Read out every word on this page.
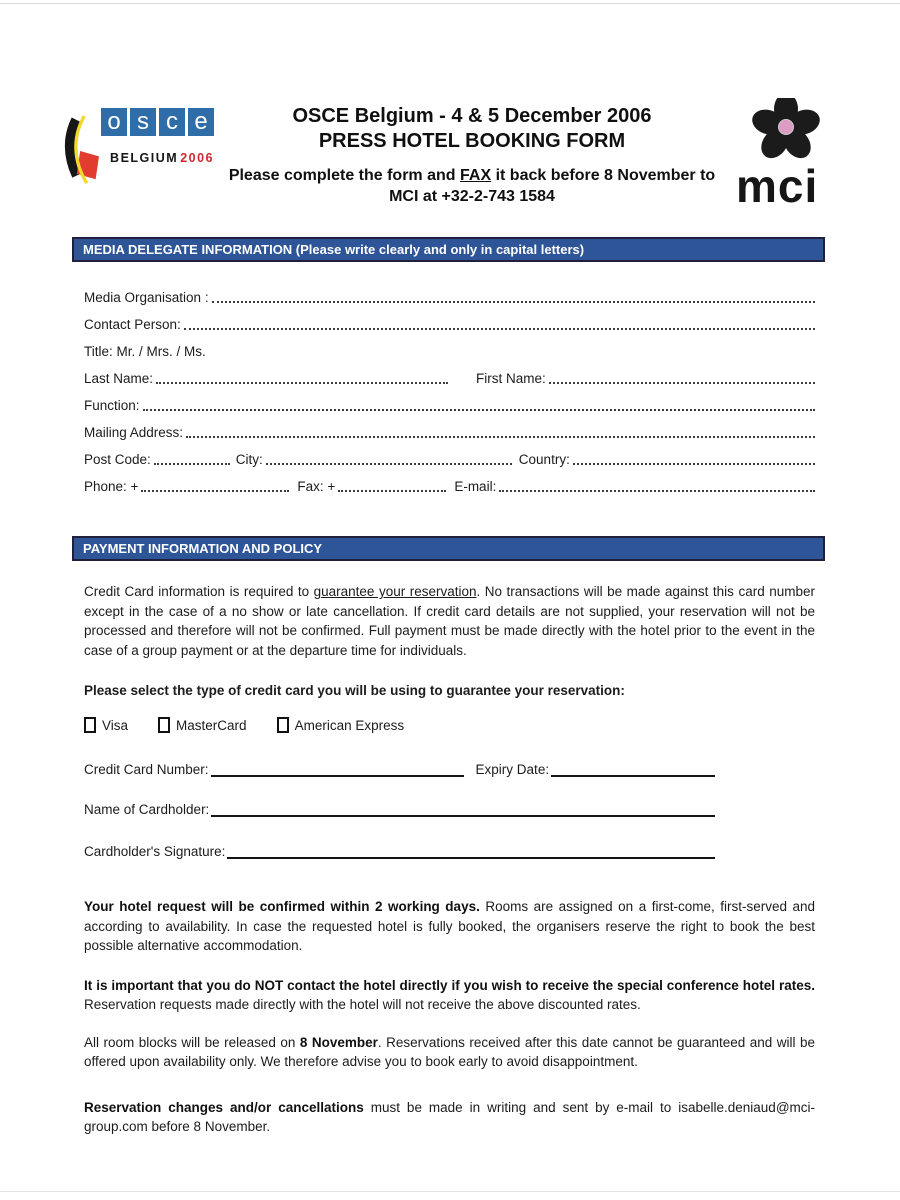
o s c e
BELGIUM 2006
OSCE Belgium - 4 & 5 December 2006
PRESS HOTEL BOOKING FORM
Please complete the form and FAX it back before 8 November to
MCI at +32-2-743 1584	mci
MEDIA DELEGATE INFORMATION (Please write clearly and only in capital letters)
Media Organisation :
Contact Person:
Title: Mr. / Mrs. / Ms.
Last Name:	First Name:
Function:
Mailing Address:
Post Code:	City:	Country:
Phone: +	Fax: +	E-mail:
PAYMENT INFORMATION AND POLICY

Credit Card information is required to guarantee your reservation. No transactions will be made against this card number except in the case of a no show or late cancellation. If credit card details are not supplied, your reservation will not be processed and therefore will not be confirmed. Full payment must be made directly with the hotel prior to the event in the case of a group payment or at the departure time for individuals.

Please select the type of credit card you will be using to guarantee your reservation:
Visa	MasterCard	American Express
Credit Card Number:	Expiry Date:
Name of Cardholder:
Cardholder's Signature:

Your hotel request will be confirmed within 2 working days. Rooms are assigned on a first-come, first-served and according to availability. In case the requested hotel is fully booked, the organisers reserve the right to book the best possible alternative accommodation.

It is important that you do NOT contact the hotel directly if you wish to receive the special conference hotel rates. Reservation requests made directly with the hotel will not receive the above discounted rates.

All room blocks will be released on 8 November. Reservations received after this date cannot be guaranteed and will be offered upon availability only. We therefore advise you to book early to avoid disappointment.

Reservation changes and/or cancellations must be made in writing and sent by e-mail to isabelle.deniaud@mci-group.com before 8 November.
